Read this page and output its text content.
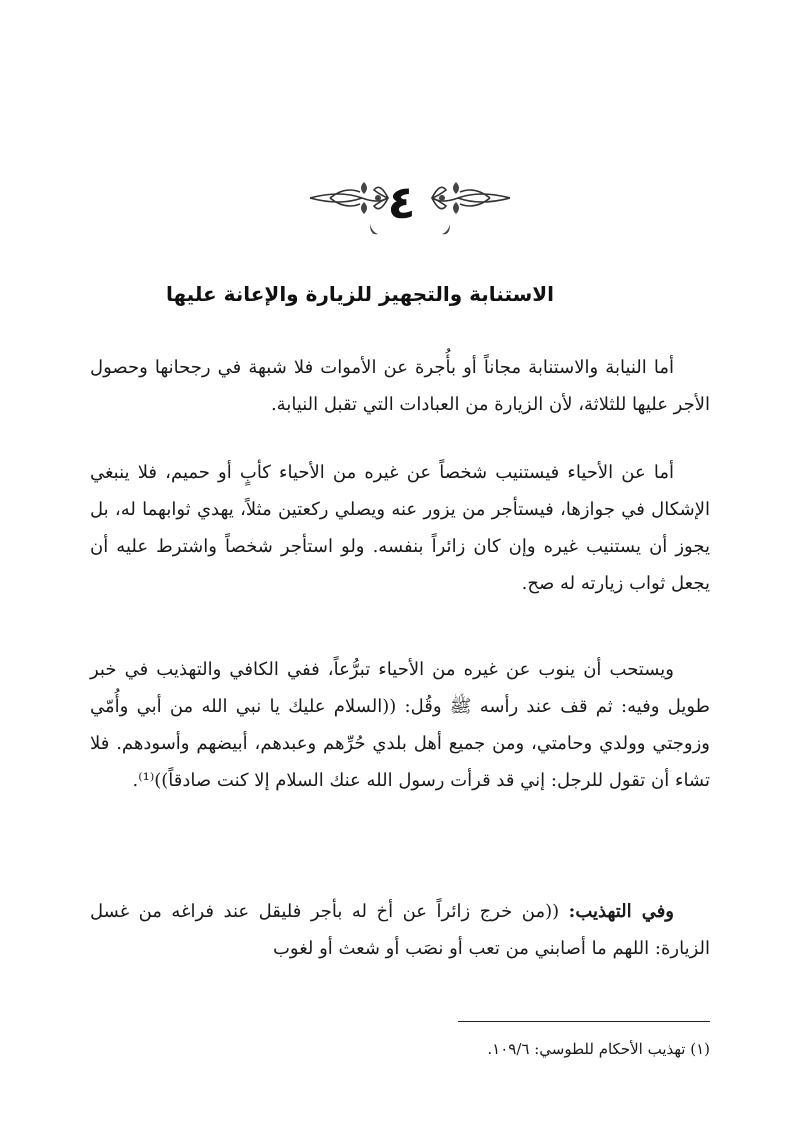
٤
الاستنابة والتجهيز للزيارة والإعانة عليها

أما النيابة والاستنابة مجاناً أو بأُجرة عن الأموات فلا شبهة في رجحانها وحصول الأجر عليها للثلاثة، لأن الزيارة من العبادات التي تقبل النيابة.

أما عن الأحياء فيستنيب شخصاً عن غيره من الأحياء كأبٍ أو حميم، فلا ينبغي الإشكال في جوازها، فيستأجر من يزور عنه ويصلي ركعتين مثلاً، يهدي ثوابهما له، بل يجوز أن يستنيب غيره وإن كان زائراً بنفسه. ولو استأجر شخصاً واشترط عليه أن يجعل ثواب زيارته له صح.

ويستحب أن ينوب عن غيره من الأحياء تبرُّعاً، ففي الكافي والتهذيب في خبر طويل وفيه: ثم قف عند رأسه ﷺ وقُل: ((السلام عليك يا نبي الله من أبي وأُمّي وزوجتي وولدي وحامتي، ومن جميع أهل بلدي حُرِّهم وعبدهم، أبيضهم وأسودهم. فلا تشاء أن تقول للرجل: إني قد قرأت رسول الله عنك السلام إلا كنت صادقاً))⁽¹⁾.

وفي التهذيب: ((من خرج زائراً عن أخ له بأجر فليقل عند فراغه من غسل الزيارة: اللهم ما أصابني من تعب أو نصَب أو شعث أو لغوب

(١) تهذيب الأحكام للطوسي: ١٠٩/٦.
